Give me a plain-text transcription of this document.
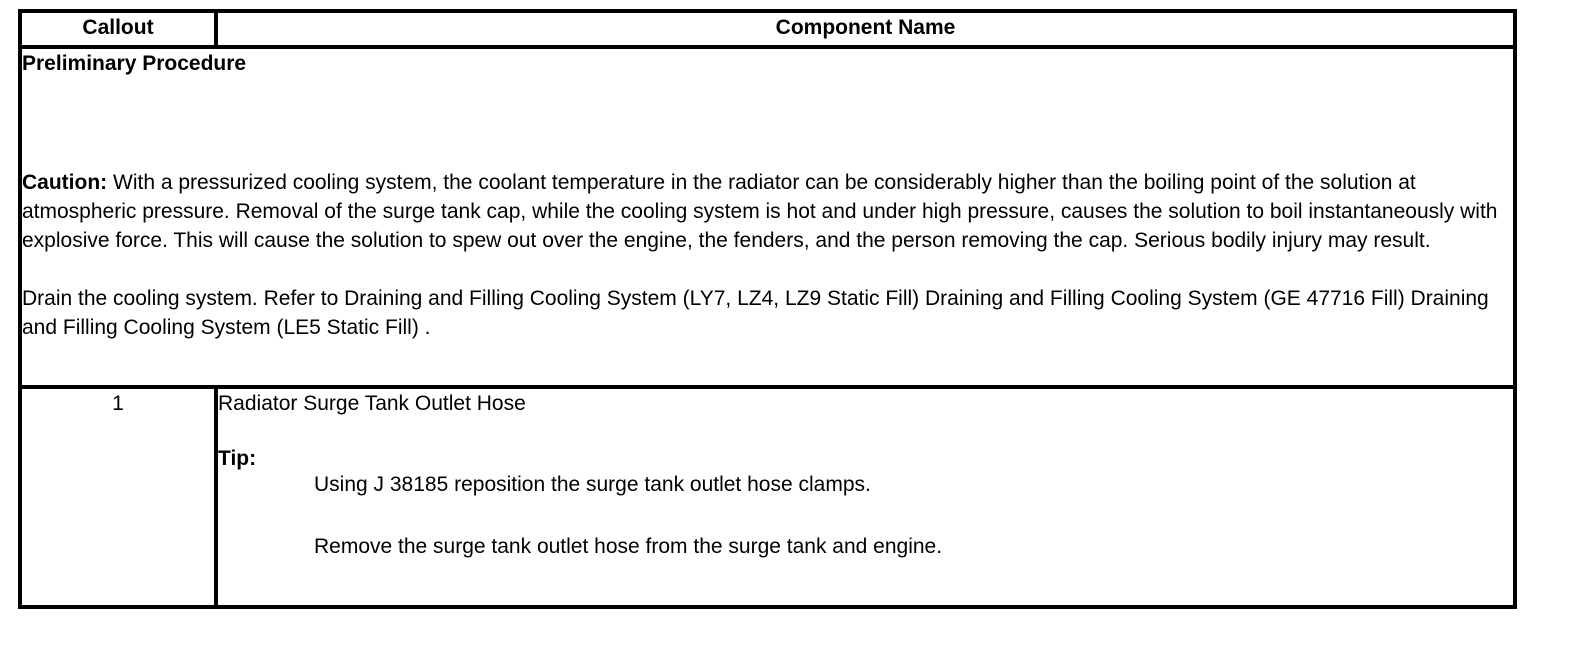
Callout	Component Name

Preliminary Procedure

Caution: With a pressurized cooling system, the coolant temperature in the radiator can be considerably higher than the boiling point of the solution at atmospheric pressure. Removal of the surge tank cap, while the cooling system is hot and under high pressure, causes the solution to boil instantaneously with explosive force. This will cause the solution to spew out over the engine, the fenders, and the person removing the cap. Serious bodily injury may result.

Drain the cooling system. Refer to Draining and Filling Cooling System (LY7, LZ4, LZ9 Static Fill) Draining and Filling Cooling System (GE 47716 Fill) Draining and Filling Cooling System (LE5 Static Fill) .	

1	Radiator Surge Tank Outlet Hose

Tip:

Using J 38185 reposition the surge tank outlet hose clamps.

Remove the surge tank outlet hose from the surge tank and engine.
